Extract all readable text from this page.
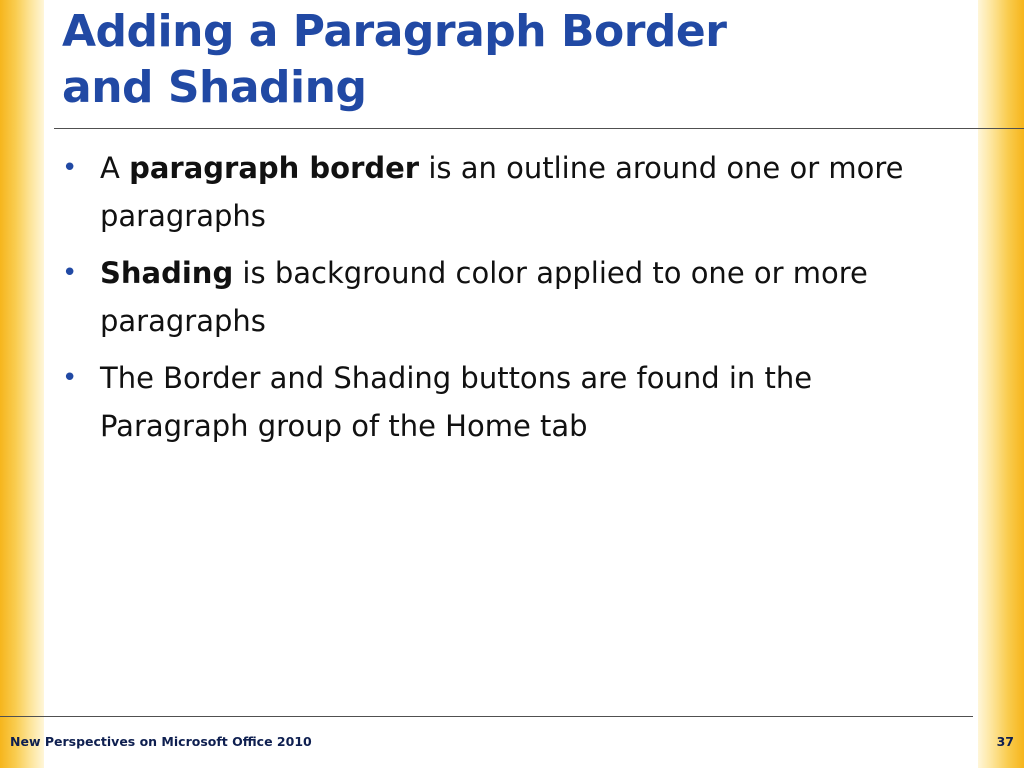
Adding a Paragraph Border
and Shading
• A paragraph border is an outline around one or more paragraphs
• Shading is background color applied to one or more paragraphs
• The Border and Shading buttons are found in the Paragraph group of the Home tab
New Perspectives on Microsoft Office 2010	37
